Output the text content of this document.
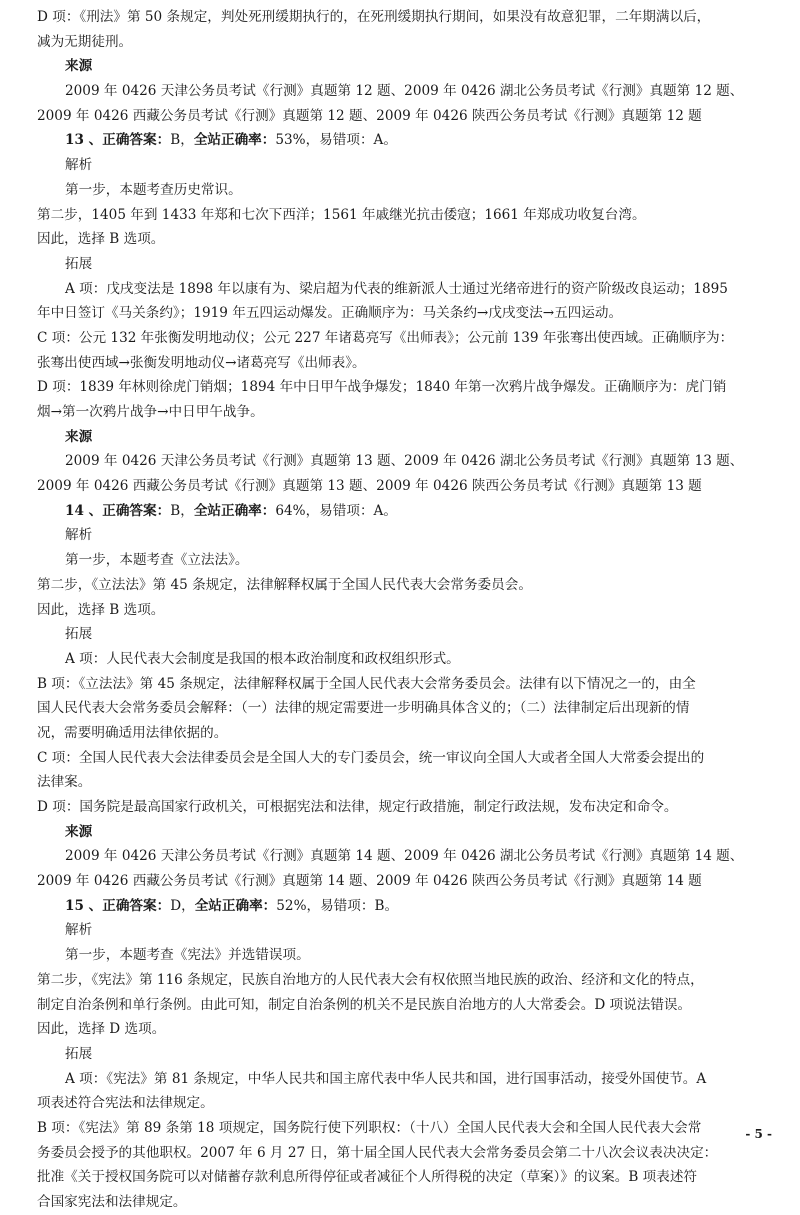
D 项：《刑法》第 50 条规定，判处死刑缓期执行的，在死刑缓期执行期间，如果没有故意犯罪，二年期满以后，
减为无期徒刑。
来源
2009 年 0426 天津公务员考试《行测》真题第 12 题、2009 年 0426 湖北公务员考试《行测》真题第 12 题、
2009 年 0426 西藏公务员考试《行测》真题第 12 题、2009 年 0426 陕西公务员考试《行测》真题第 12 题
13 、正确答案：B，全站正确率：53%，易错项：A。
解析
第一步，本题考查历史常识。
第二步，1405 年到 1433 年郑和七次下西洋；1561 年戚继光抗击倭寇；1661 年郑成功收复台湾。
因此，选择 B 选项。
拓展
A 项：戊戌变法是 1898 年以康有为、梁启超为代表的维新派人士通过光绪帝进行的资产阶级改良运动；1895
年中日签订《马关条约》；1919 年五四运动爆发。正确顺序为：马关条约→戊戌变法→五四运动。
C 项：公元 132 年张衡发明地动仪；公元 227 年诸葛亮写《出师表》；公元前 139 年张骞出使西域。正确顺序为：
张骞出使西域→张衡发明地动仪→诸葛亮写《出师表》。
D 项：1839 年林则徐虎门销烟；1894 年中日甲午战争爆发；1840 年第一次鸦片战争爆发。正确顺序为：虎门销
烟→第一次鸦片战争→中日甲午战争。
来源
2009 年 0426 天津公务员考试《行测》真题第 13 题、2009 年 0426 湖北公务员考试《行测》真题第 13 题、
2009 年 0426 西藏公务员考试《行测》真题第 13 题、2009 年 0426 陕西公务员考试《行测》真题第 13 题
14 、正确答案：B，全站正确率：64%，易错项：A。
解析
第一步，本题考查《立法法》。
第二步，《立法法》第 45 条规定，法律解释权属于全国人民代表大会常务委员会。
因此，选择 B 选项。
拓展
A 项：人民代表大会制度是我国的根本政治制度和政权组织形式。
B 项：《立法法》第 45 条规定，法律解释权属于全国人民代表大会常务委员会。法律有以下情况之一的，由全
国人民代表大会常务委员会解释：（一）法律的规定需要进一步明确具体含义的；（二）法律制定后出现新的情
况，需要明确适用法律依据的。
C 项：全国人民代表大会法律委员会是全国人大的专门委员会，统一审议向全国人大或者全国人大常委会提出的
法律案。
D 项：国务院是最高国家行政机关，可根据宪法和法律，规定行政措施，制定行政法规，发布决定和命令。
来源
2009 年 0426 天津公务员考试《行测》真题第 14 题、2009 年 0426 湖北公务员考试《行测》真题第 14 题、
2009 年 0426 西藏公务员考试《行测》真题第 14 题、2009 年 0426 陕西公务员考试《行测》真题第 14 题
15 、正确答案：D，全站正确率：52%，易错项：B。
解析
第一步，本题考查《宪法》并选错误项。
第二步，《宪法》第 116 条规定，民族自治地方的人民代表大会有权依照当地民族的政治、经济和文化的特点，
制定自治条例和单行条例。由此可知，制定自治条例的机关不是民族自治地方的人大常委会。D 项说法错误。
因此，选择 D 选项。
拓展
A 项：《宪法》第 81 条规定，中华人民共和国主席代表中华人民共和国，进行国事活动，接受外国使节。A
项表述符合宪法和法律规定。
B 项：《宪法》第 89 条第 18 项规定，国务院行使下列职权：（十八）全国人民代表大会和全国人民代表大会常
务委员会授予的其他职权。2007 年 6 月 27 日，第十届全国人民代表大会常务委员会第二十八次会议表决决定：
批准《关于授权国务院可以对储蓄存款利息所得停征或者减征个人所得税的决定（草案）》的议案。B 项表述符
合国家宪法和法律规定。
- 5 -
